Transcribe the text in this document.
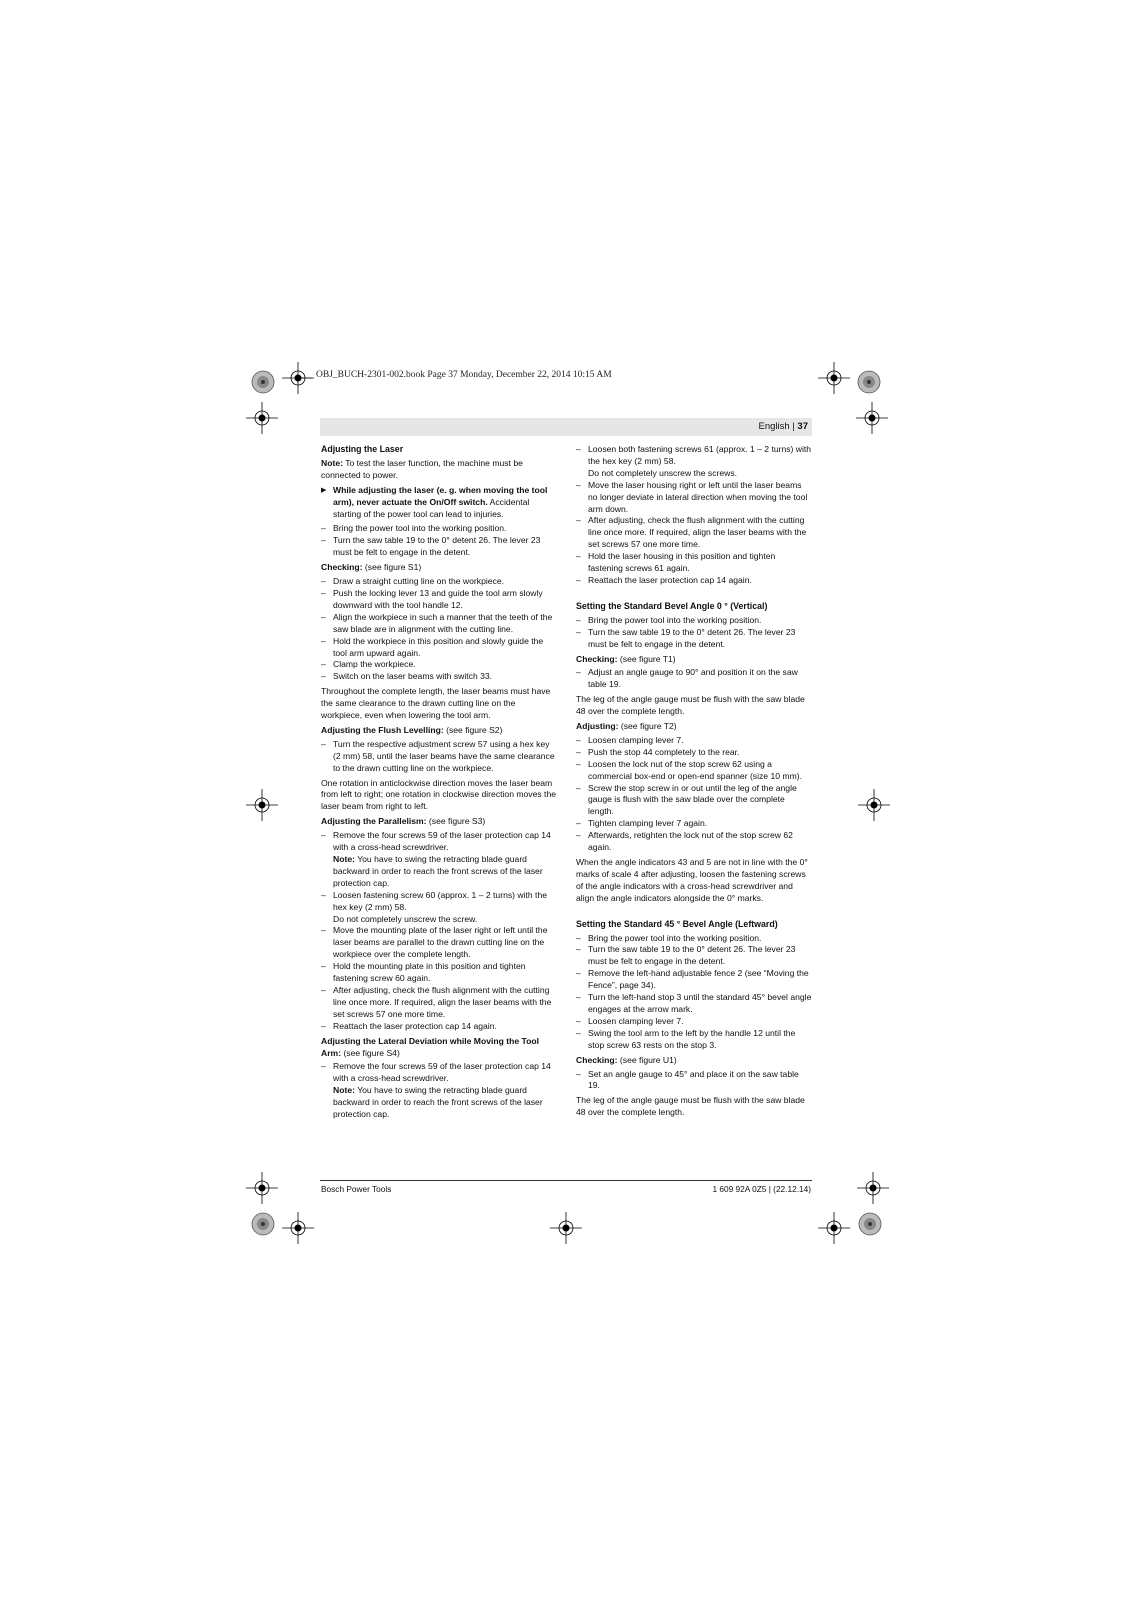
OBJ_BUCH-2301-002.book Page 37 Monday, December 22, 2014 10:15 AM
English | 37
Adjusting the Laser

Note: To test the laser function, the machine must be connected to power.

▶ While adjusting the laser (e. g. when moving the tool arm), never actuate the On/Off switch. Accidental starting of the power tool can lead to injuries.

– Bring the power tool into the working position.
– Turn the saw table 19 to the 0° detent 26. The lever 23 must be felt to engage in the detent.

Checking: (see figure S1)

– Draw a straight cutting line on the workpiece.
– Push the locking lever 13 and guide the tool arm slowly downward with the tool handle 12.
– Align the workpiece in such a manner that the teeth of the saw blade are in alignment with the cutting line.
– Hold the workpiece in this position and slowly guide the tool arm upward again.
– Clamp the workpiece.
– Switch on the laser beams with switch 33.

Throughout the complete length, the laser beams must have the same clearance to the drawn cutting line on the workpiece, even when lowering the tool arm.

Adjusting the Flush Levelling: (see figure S2)

– Turn the respective adjustment screw 57 using a hex key (2 mm) 58, until the laser beams have the same clearance to the drawn cutting line on the workpiece.

One rotation in anticlockwise direction moves the laser beam from left to right; one rotation in clockwise direction moves the laser beam from right to left.

Adjusting the Parallelism: (see figure S3)

– Remove the four screws 59 of the laser protection cap 14 with a cross-head screwdriver.
Note: You have to swing the retracting blade guard backward in order to reach the front screws of the laser protection cap.
– Loosen fastening screw 60 (approx. 1 – 2 turns) with the hex key (2 mm) 58.
Do not completely unscrew the screw.
– Move the mounting plate of the laser right or left until the laser beams are parallel to the drawn cutting line on the workpiece over the complete length.
– Hold the mounting plate in this position and tighten fastening screw 60 again.
– After adjusting, check the flush alignment with the cutting line once more. If required, align the laser beams with the set screws 57 one more time.
– Reattach the laser protection cap 14 again.

Adjusting the Lateral Deviation while Moving the Tool Arm: (see figure S4)

– Remove the four screws 59 of the laser protection cap 14 with a cross-head screwdriver.
Note: You have to swing the retracting blade guard backward in order to reach the front screws of the laser protection cap.
– Loosen both fastening screws 61 (approx. 1 – 2 turns) with the hex key (2 mm) 58.
Do not completely unscrew the screws.
– Move the laser housing right or left until the laser beams no longer deviate in lateral direction when moving the tool arm down.
– After adjusting, check the flush alignment with the cutting line once more. If required, align the laser beams with the set screws 57 one more time.
– Hold the laser housing in this position and tighten fastening screws 61 again.
– Reattach the laser protection cap 14 again.
Setting the Standard Bevel Angle 0 ° (Vertical)
– Bring the power tool into the working position.
– Turn the saw table 19 to the 0° detent 26. The lever 23 must be felt to engage in the detent.

Checking: (see figure T1)

– Adjust an angle gauge to 90° and position it on the saw table 19.

The leg of the angle gauge must be flush with the saw blade 48 over the complete length.

Adjusting: (see figure T2)

– Loosen clamping lever 7.
– Push the stop 44 completely to the rear.
– Loosen the lock nut of the stop screw 62 using a commercial box-end or open-end spanner (size 10 mm).
– Screw the stop screw in or out until the leg of the angle gauge is flush with the saw blade over the complete length.
– Tighten clamping lever 7 again.
– Afterwards, retighten the lock nut of the stop screw 62 again.

When the angle indicators 43 and 5 are not in line with the 0° marks of scale 4 after adjusting, loosen the fastening screws of the angle indicators with a cross-head screwdriver and align the angle indicators alongside the 0° marks.

Setting the Standard 45 ° Bevel Angle (Leftward)
– Bring the power tool into the working position.
– Turn the saw table 19 to the 0° detent 26. The lever 23 must be felt to engage in the detent.
– Remove the left-hand adjustable fence 2 (see “Moving the Fence”, page 34).
– Turn the left-hand stop 3 until the standard 45° bevel angle engages at the arrow mark.
– Loosen clamping lever 7.
– Swing the tool arm to the left by the handle 12 until the stop screw 63 rests on the stop 3.

Checking: (see figure U1)

– Set an angle gauge to 45° and place it on the saw table 19.

The leg of the angle gauge must be flush with the saw blade 48 over the complete length.

Bosch Power Tools	1 609 92A 0Z5 | (22.12.14)
